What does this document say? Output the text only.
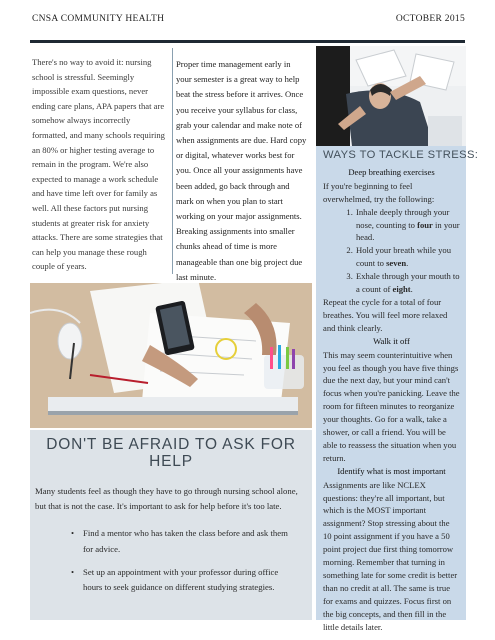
CNSA COMMUNITY HEALTH	OCTOBER 2015
There's no way to avoid it: nursing school is stressful. Seemingly impossible exam questions, never ending care plans, APA papers that are somehow always incorrectly formatted, and many schools requiring an 80% or higher testing average to remain in the program. We're also expected to manage a work schedule and have time left over for family as well. All these factors put nursing students at greater risk for anxiety attacks. There are some strategies that can help you manage these rough couple of years.
Proper time management early in your semester is a great way to help beat the stress before it arrives. Once you receive your syllabus for class, grab your calendar and make note of when assignments are due. Hard copy or digital, whatever works best for you. Once all your assignments have been added, go back through and mark on when you plan to start working on your major assignments. Breaking assignments into smaller chunks ahead of time is more manageable than one big project due last minute.
WAYS TO TACKLE STRESS:
Deep breathing exercises

If you're beginning to feel overwhelmed, try the following:

1. Inhale deeply through your nose, counting to four in your head.
2. Hold your breath while you count to seven.
3. Exhale through your mouth to a count of eight.

Repeat the cycle for a total of four breathes. You will feel more relaxed and think clearly.

Walk it off

This may seem counterintuitive when you feel as though you have five things due the next day, but your mind can't focus when you're panicking. Leave the room for fifteen minutes to reorganize your thoughts. Go for a walk, take a shower, or call a friend. You will be able to reassess the situation when you return.

Identify what is most important

Assignments are like NCLEX questions: they're all important, but which is the MOST important assignment? Stop stressing about the 10 point assignment if you have a 50 point project due first thing tomorrow morning. Remember that turning in something late for some credit is better than no credit at all. The same is true for exams and quizzes. Focus first on the big concepts, and then fill in the little details later.

DON'T BE AFRAID TO ASK FOR HELP

Many students feel as though they have to go through nursing school alone, but that is not the case. It's important to ask for help before it's too late.

• Find a mentor who has taken the class before and ask them for advice.
• Set up an appointment with your professor during office hours to seek guidance on different studying strategies.
